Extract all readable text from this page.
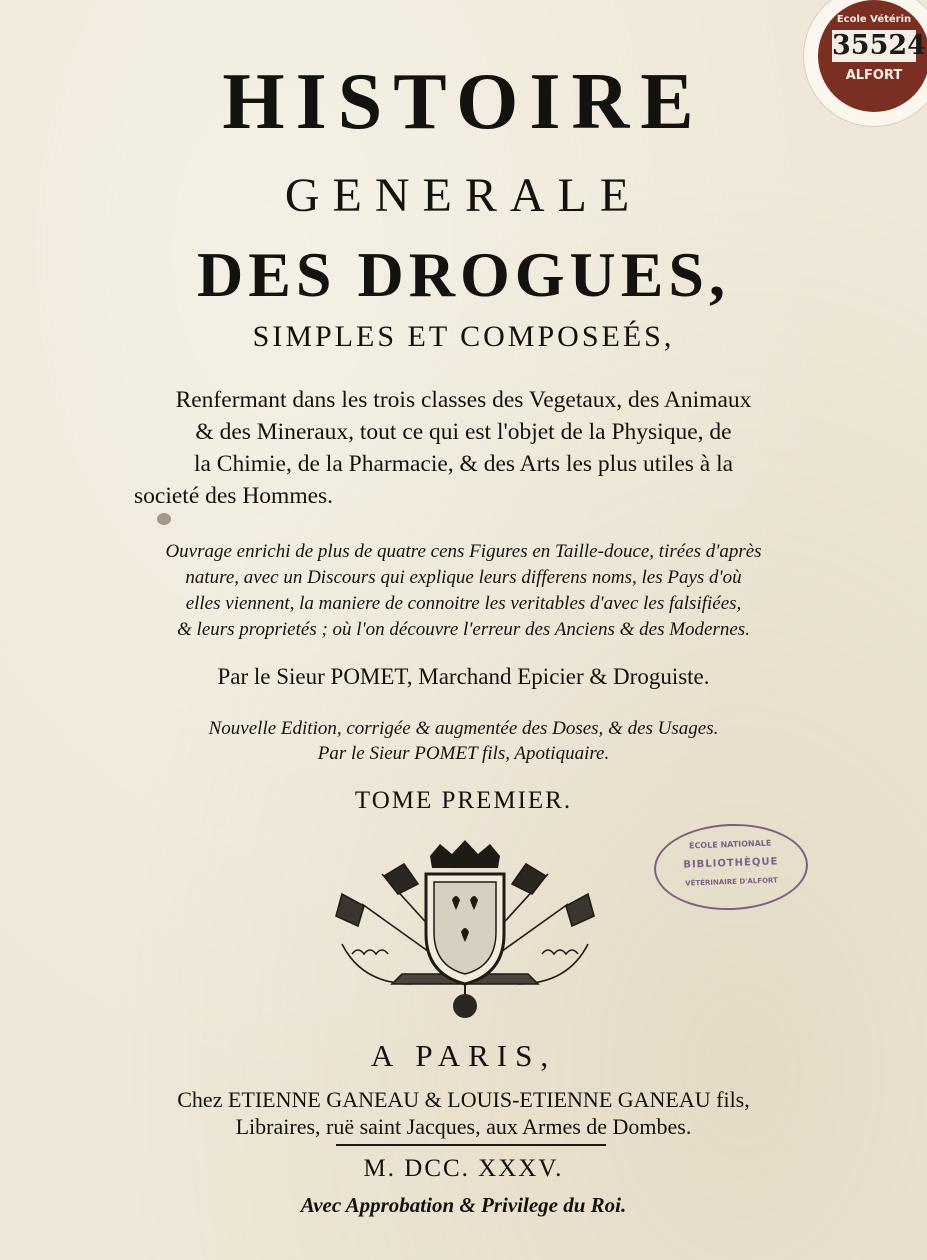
HISTOIRE
GENERALE
DES DROGUES,
SIMPLES ET COMPOSEÉS,
Renfermant dans les trois classes des Vegetaux, des Animaux
& des Mineraux, tout ce qui est l'objet de la Physique, de
la Chimie, de la Pharmacie, & des Arts les plus utiles à la
societé des Hommes.
Ouvrage enrichi de plus de quatre cens Figures en Taille-douce, tirées d'après
nature, avec un Discours qui explique leurs differens noms, les Pays d'où
elles viennent, la maniere de connoitre les veritables d'avec les falsifiées,
& leurs proprietés ; où l'on découvre l'erreur des Anciens & des Modernes.
Par le Sieur POMET, Marchand Epicier & Droguiste.
Nouvelle Edition, corrigée & augmentée des Doses, & des Usages.
Par le Sieur POMET fils, Apotiquaire.
TOME PREMIER.
ÉCOLE NATIONALE
BIBLIOTHÈQUE
VÉTÉRINAIRE D'ALFORT
A PARIS,
Chez ETIENNE GANEAU & LOUIS-ETIENNE GANEAU fils,
Libraires, ruë saint Jacques, aux Armes de Dombes.
M. DCC. XXXV.
Avec Approbation & Privilege du Roi.
Ecole Vétérin
35524
ALFORT
